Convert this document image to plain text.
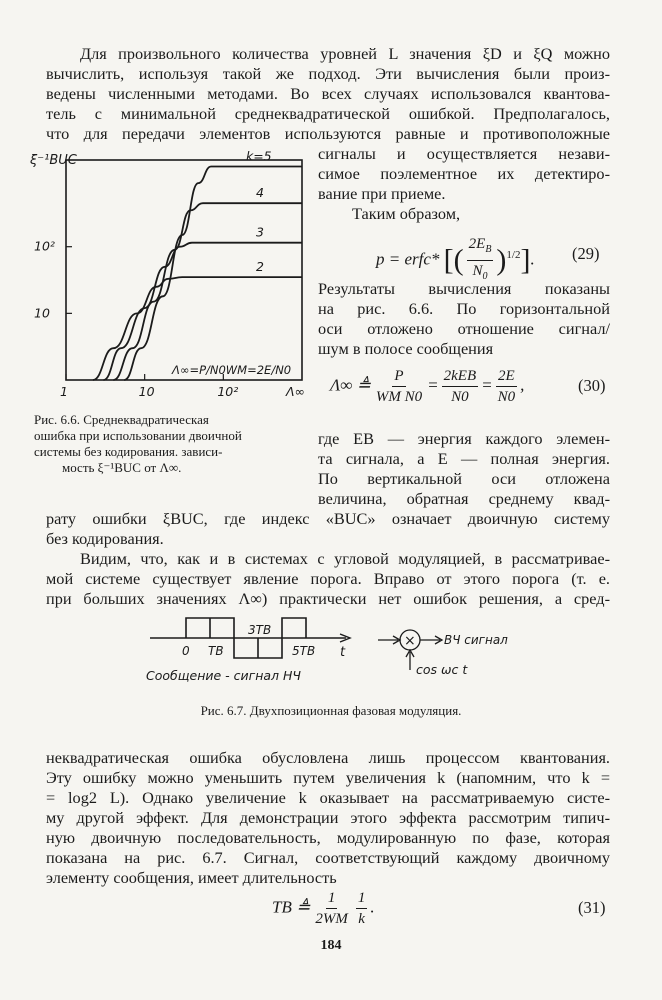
Для произвольного количества уровней L значения ξD и ξQ можно
вычислить, используя такой же подход. Эти вычисления были произ-
ведены численными методами. Во всех случаях использовался квантова-
тель с минимальной среднеквадратической ошибкой. Предполагалось,
что для передачи элементов используются равные и противоположные
сигналы и осуществляется незави-
симое поэлементное их детектиро-
вание при приеме.
Таким образом,
p = erfc* [( $\frac{2E_B}{N_0} )^{1/2}$]. (29)
Результаты вычисления показаны
на рис. 6.6. По горизонтальной
оси отложено отношение сигнал/
шум в полосе сообщения
Λ∞ ≜ $\frac{P}{\text{WM N0}} = \frac{\text{2kEB}}{N0} = \frac{2E}{N0}$ ,	(30)
где EB — энергия каждого элемен-
та сигнала, а E — полная энергия.
По вертикальной оси отложена
величина, обратная среднему квад-
1	10	10²	Λ∞
10
10²
2
3
4
k=5
ξ⁻¹BUC
Λ∞=P/N0WM=2E/N0
Рис. 6.6. Среднеквадратическая
ошибка при использовании двоичной
системы без кодирования. зависи-
мость ξ⁻¹BUC от Λ∞.
рату ошибки ξBUC, где индекс «BUC» означает двоичную систему
без кодирования.
Видим, что, как и в системах с угловой модуляцией, в рассматривае-
мой системе существует явление порога. Вправо от этого порога (т. е.
при больших значениях Λ∞) практически нет ошибок решения, а сред-
0 TB
3TB
5TB t
Сообщение - сигнал НЧ
× ВЧ сигнал
cos ωc t
Рис. 6.7. Двухпозиционная фазовая модуляция.
неквадратическая ошибка обусловлена лишь процессом квантования.
Эту ошибку можно уменьшить путем увеличения k (напомним, что k =
= log2 L). Однако увеличение k оказывает на рассматриваемую систе-
му другой эффект. Для демонстрации этого эффекта рассмотрим типич-
ную двоичную последовательность, модулированную по фазе, которая
показана на рис. 6.7. Сигнал, соответствующий каждому двоичному
элементу сообщения, имеет длительность
TB ≜ $\frac{1}{2WM} \frac{1}{k}$ .	(31)
184
